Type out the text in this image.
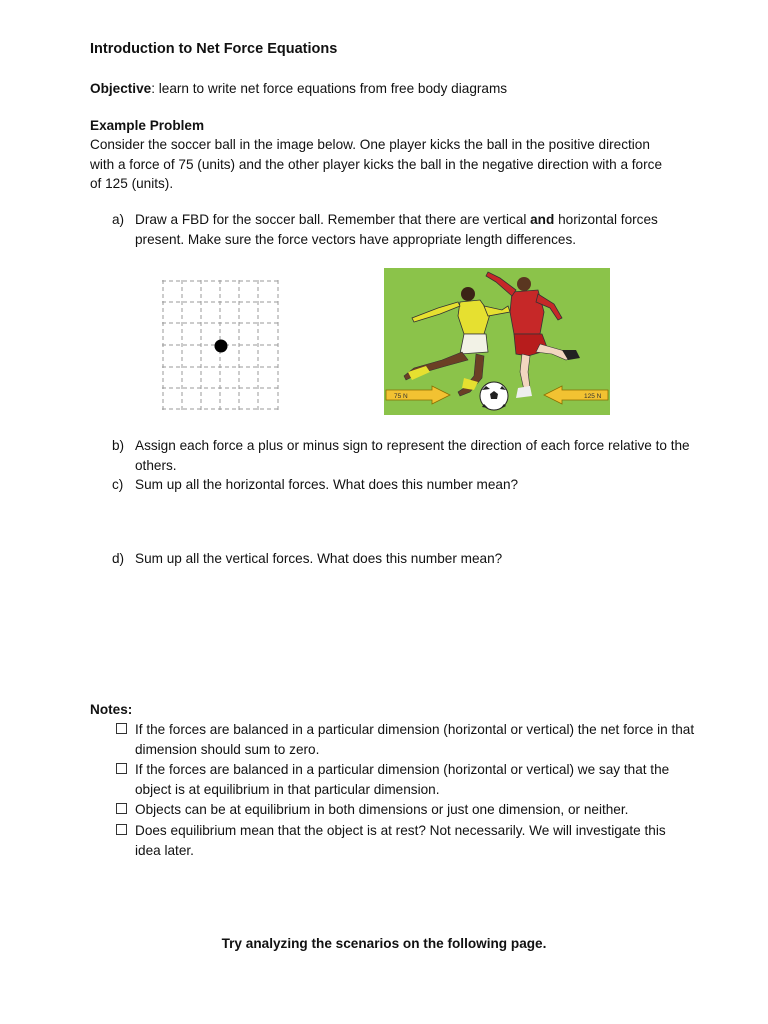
Introduction to Net Force Equations
Objective: learn to write net force equations from free body diagrams
Example Problem

Consider the soccer ball in the image below. One player kicks the ball in the positive direction

with a force of 75 (units) and the other player kicks the ball in the negative direction with a force

of 125 (units).

a) Draw a FBD for the soccer ball. Remember that there are vertical and horizontal forces present. Make sure the force vectors have appropriate length differences.
75 N	125 N
b) Assign each force a plus or minus sign to represent the direction of each force relative to the others.
c) Sum up all the horizontal forces. What does this number mean?
d) Sum up all the vertical forces. What does this number mean?
Notes:
If the forces are balanced in a particular dimension (horizontal or vertical) the net force in that dimension should sum to zero.
If the forces are balanced in a particular dimension (horizontal or vertical) we say that the object is at equilibrium in that particular dimension.
Objects can be at equilibrium in both dimensions or just one dimension, or neither.
Does equilibrium mean that the object is at rest? Not necessarily. We will investigate this idea later.
Try analyzing the scenarios on the following page.
